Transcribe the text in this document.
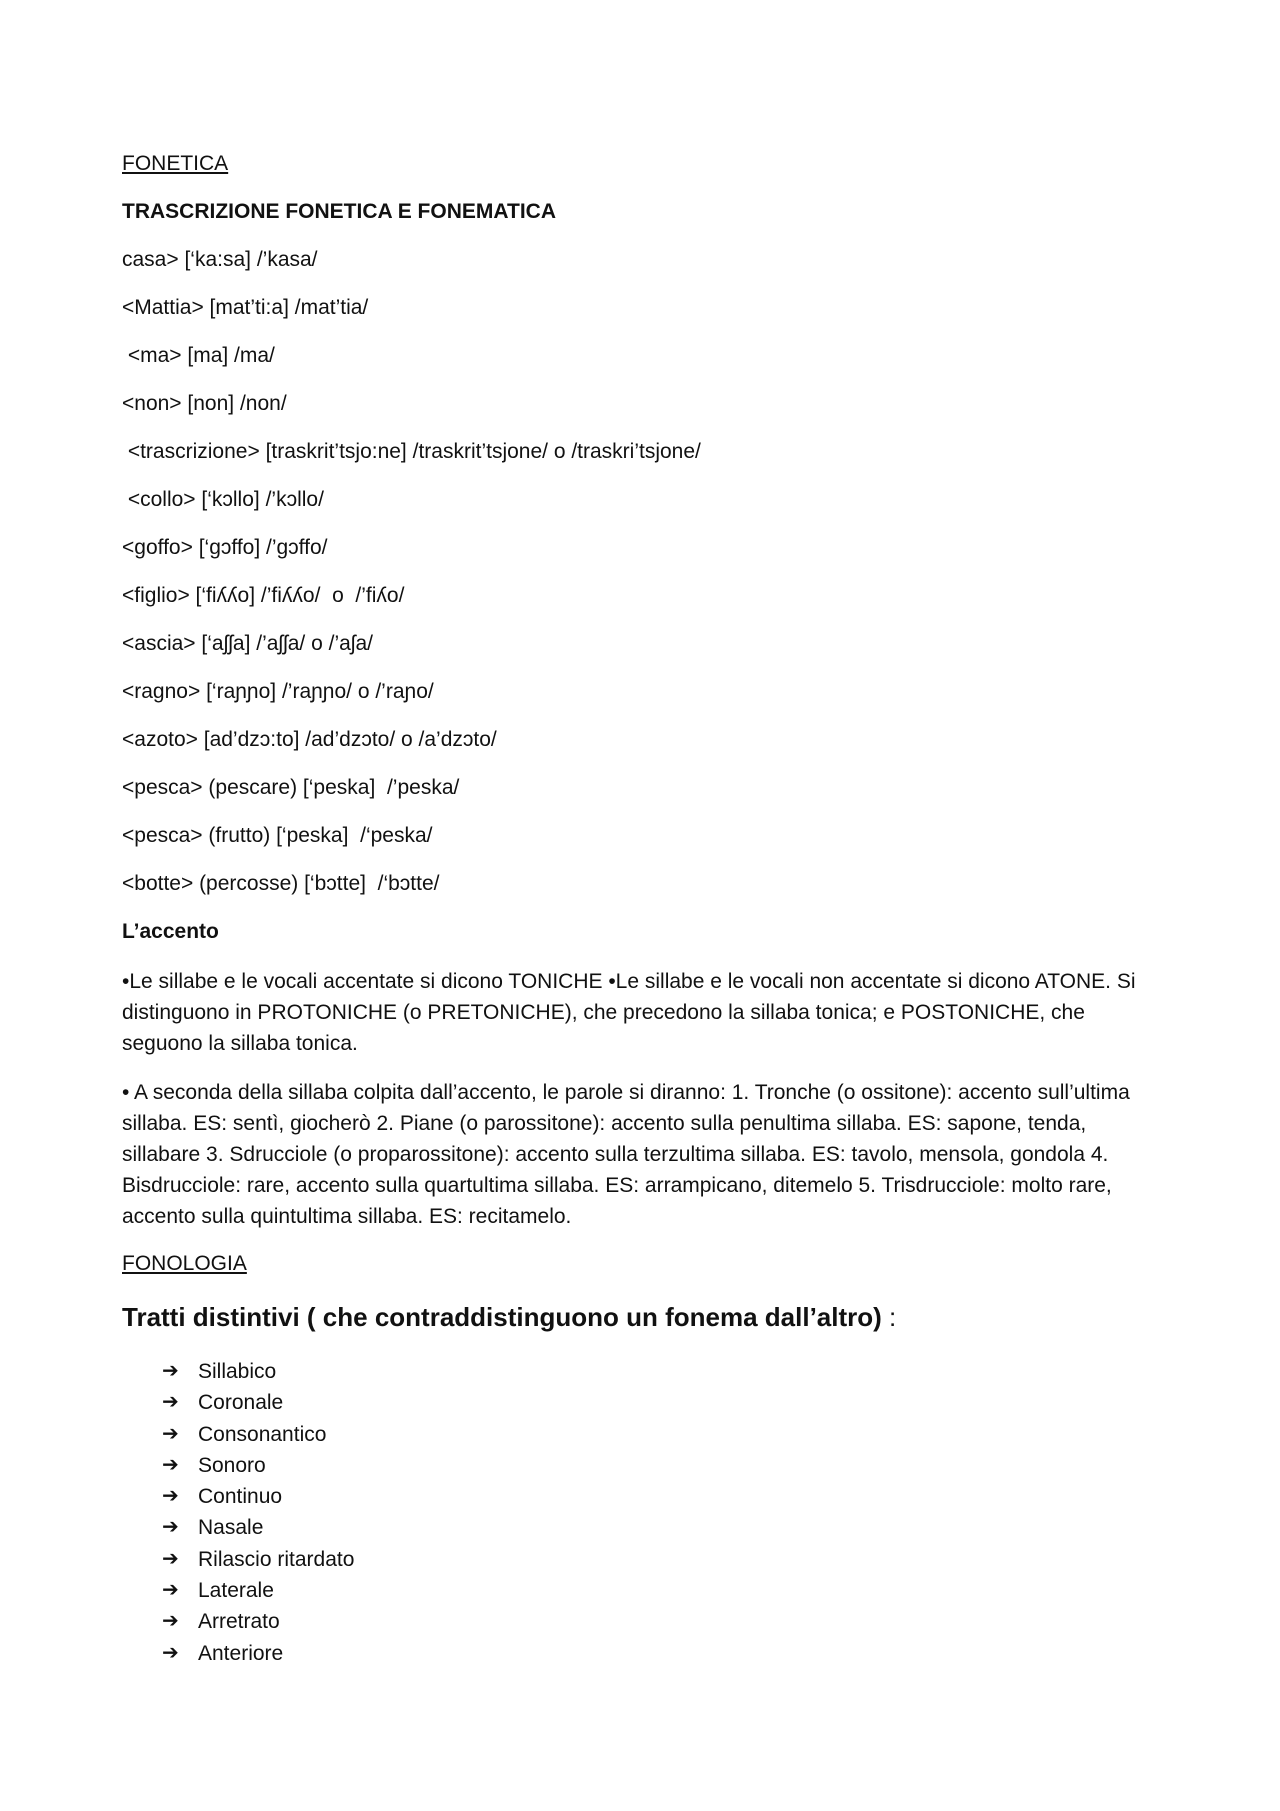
FONETICA
TRASCRIZIONE FONETICA E FONEMATICA
casa> [‘ka:sa] /’kasa/
<Mattia> [mat’ti:a] /mat’tia/
<ma> [ma] /ma/
<non> [non] /non/
<trascrizione> [traskrit’tsjo:ne] /traskrit’tsjone/ o /traskri’tsjone/
<collo> [‘kɔllo] /’kɔllo/
<goffo> [‘gɔffo] /’gɔffo/
<figlio> [‘fiʎʎo] /’fiʎʎo/  o  /’fiʎo/
<ascia> [‘aʃʃa] /’aʃʃa/ o /’aʃa/
<ragno> [‘raɲɲo] /’raɲɲo/ o /’raɲo/
<azoto> [ad’dzɔ:to] /ad’dzɔto/ o /a’dzɔto/
<pesca> (pescare) [‘peska]  /’peska/
<pesca> (frutto) [‘peska]  /‘peska/
<botte> (percosse) [‘bɔtte]  /‘bɔtte/
L’accento

•Le sillabe e le vocali accentate si dicono TONICHE •Le sillabe e le vocali non accentate si dicono ATONE. Si distinguono in PROTONICHE (o PRETONICHE), che precedono la sillaba tonica; e POSTONICHE, che seguono la sillaba tonica.

• A seconda della sillaba colpita dall’accento, le parole si diranno: 1. Tronche (o ossitone): accento sull’ultima sillaba. ES: sentì, giocherò 2. Piane (o parossitone): accento sulla penultima sillaba. ES: sapone, tenda, sillabare 3. Sdrucciole (o proparossitone): accento sulla terzultima sillaba. ES: tavolo, mensola, gondola 4. Bisdrucciole: rare, accento sulla quartultima sillaba. ES: arrampicano, ditemelo 5. Trisdrucciole: molto rare, accento sulla quintultima sillaba. ES: recitamelo.

FONOLOGIA
Tratti distintivi ( che contraddistinguono un fonema dall’altro) :
➔ Sillabico
➔ Coronale
➔ Consonantico
➔ Sonoro
➔ Continuo
➔ Nasale
➔ Rilascio ritardato
➔ Laterale
➔ Arretrato
➔ Anteriore
